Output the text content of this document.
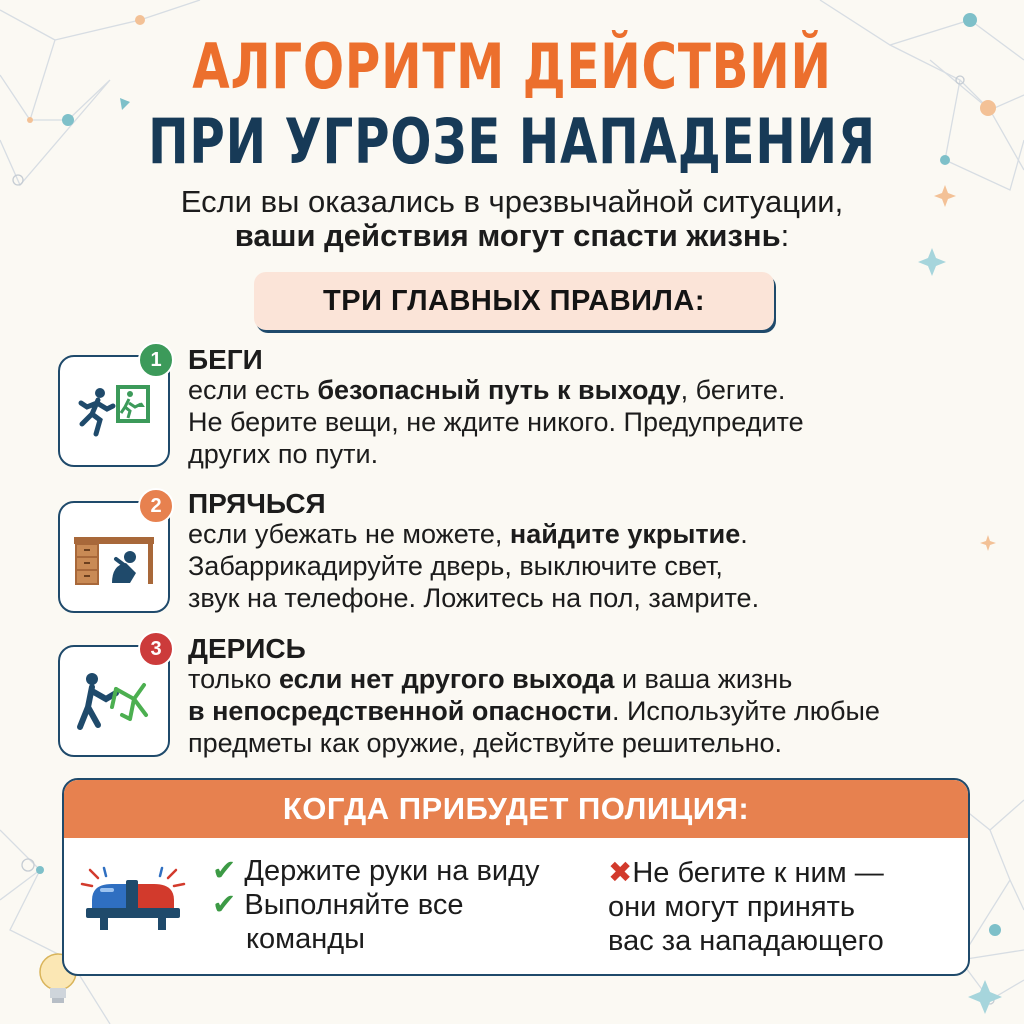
АЛГОРИТМ ДЕЙСТВИЙ
ПРИ УГРОЗЕ НАПАДЕНИЯ
Если вы оказались в чрезвычайной ситуации,
ваши действия могут спасти жизнь:
ТРИ ГЛАВНЫХ ПРАВИЛА:
1 БЕГИ
если есть безопасный путь к выходу, бегите.
Не берите вещи, не ждите никого. Предупредите
других по пути.
2 ПРЯЧЬСЯ
если убежать не можете, найдите укрытие.
Забаррикадируйте дверь, выключите свет,
звук на телефоне. Ложитесь на пол, замрите.
3 ДЕРИСЬ
только если нет другого выхода и ваша жизнь
в непосредственной опасности. Используйте любые
предметы как оружие, действуйте решительно.
КОГДА ПРИБУДЕТ ПОЛИЦИЯ:
✔ Держите руки на виду
✔ Выполняйте все
команды
✖Не бегите к ним —
они могут принять
вас за нападающего
